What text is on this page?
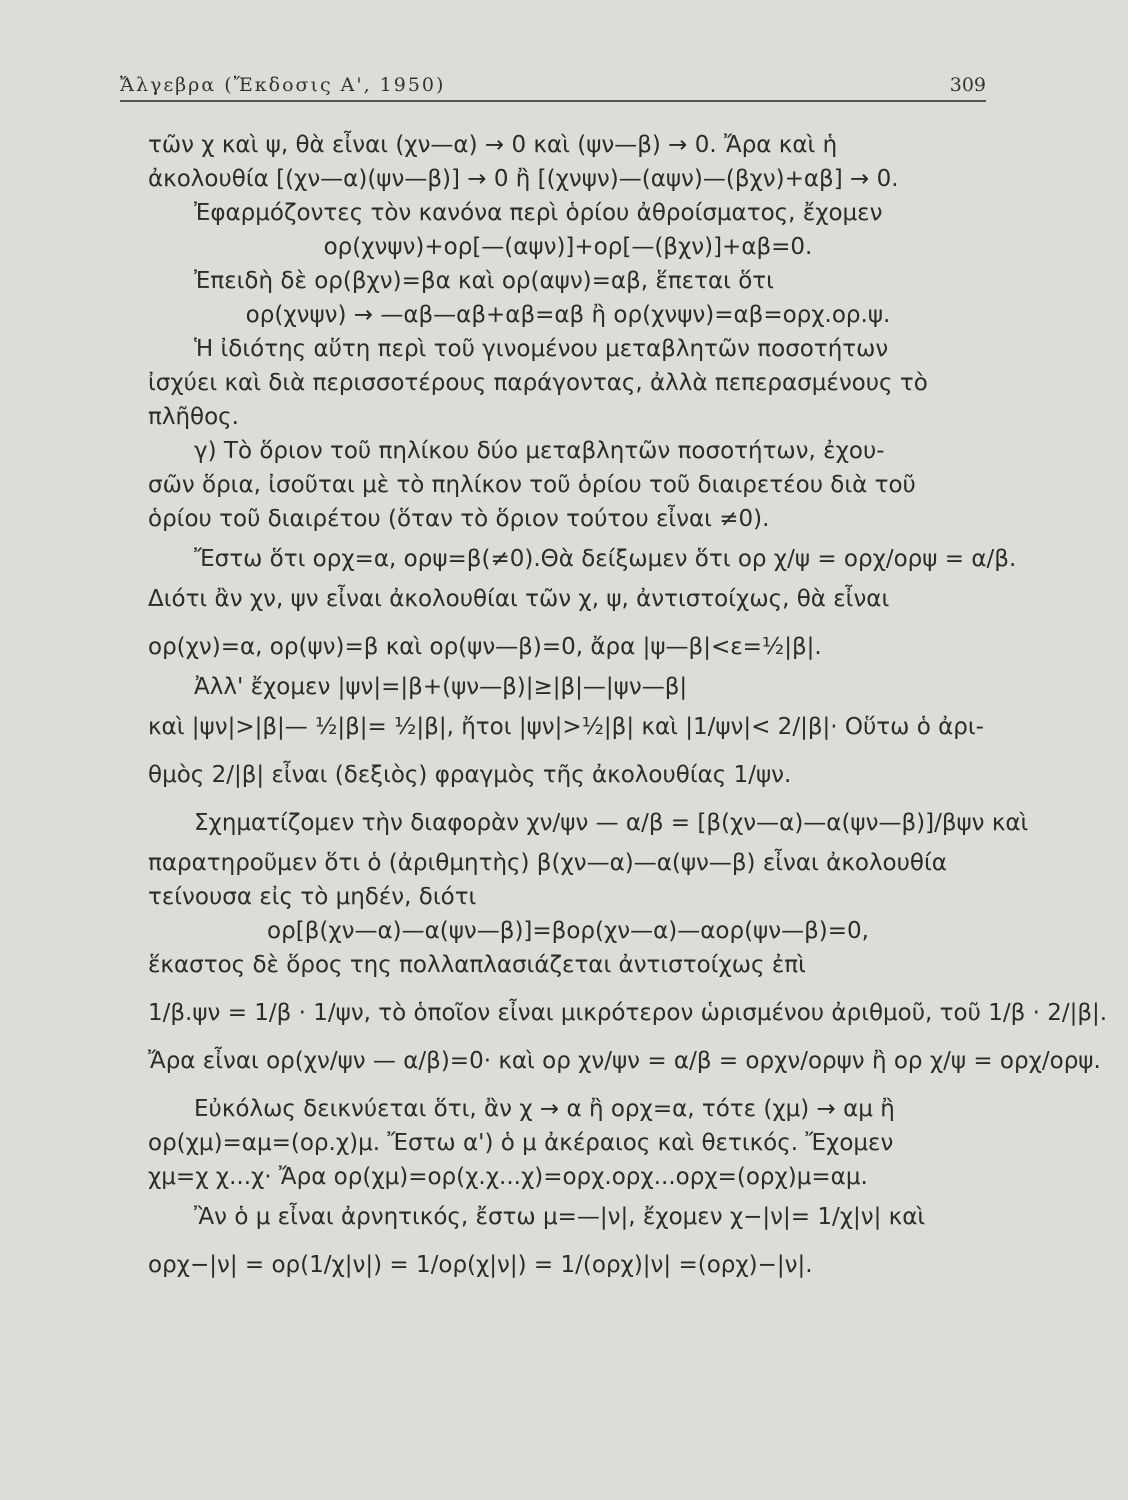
Ἄλγεβρα (Ἔκδοσις Α', 1950)	309

τῶν χ καὶ ψ, θὰ εἶναι (χν—α) → 0 καὶ (ψν—β) → 0. Ἄρα καὶ ἡ

ἀκολουθία [(χν—α)(ψν—β)] → 0 ἢ [(χνψν)—(αψν)—(βχν)+αβ] → 0.

Ἐφαρμόζοντες τὸν κανόνα περὶ ὁρίου ἀθροίσματος, ἔχομεν

ορ(χνψν)+ορ[—(αψν)]+ορ[—(βχν)]+αβ=0.

Ἐπειδὴ δὲ ορ(βχν)=βα καὶ ορ(αψν)=αβ, ἕπεται ὅτι

ορ(χνψν) → —αβ—αβ+αβ=αβ ἢ ορ(χνψν)=αβ=ορχ.ορ.ψ.

Ἡ ἰδιότης αὕτη περὶ τοῦ γινομένου μεταβλητῶν ποσοτήτων

ἰσχύει καὶ διὰ περισσοτέρους παράγοντας, ἀλλὰ πεπερασμένους τὸ

πλῆθος.

γ) Τὸ ὅριον τοῦ πηλίκου δύο μεταβλητῶν ποσοτήτων, ἐχου-

σῶν ὅρια, ἰσοῦται μὲ τὸ πηλίκον τοῦ ὁρίου τοῦ διαιρετέου διὰ τοῦ

ὁρίου τοῦ διαιρέτου (ὅταν τὸ ὅριον τούτου εἶναι ≠0).

Ἔστω ὅτι ορχ=α, ορψ=β(≠0).Θὰ δείξωμεν ὅτι ορ χ/ψ = ορχ/ορψ = α/β.

Διότι ἂν χν, ψν εἶναι ἀκολουθίαι τῶν χ, ψ, ἀντιστοίχως, θὰ εἶναι

ορ(χν)=α, ορ(ψν)=β καὶ ορ(ψν—β)=0, ἄρα |ψ—β|<ε=½|β|.

Ἀλλ' ἔχομεν |ψν|=|β+(ψν—β)|≥|β|—|ψν—β|

καὶ |ψν|>|β|— ½|β|= ½|β|, ἤτοι |ψν|>½|β| καὶ |1/ψν|< 2/|β|· Οὕτω ὁ ἀρι-

θμὸς 2/|β| εἶναι (δεξιὸς) φραγμὸς τῆς ἀκολουθίας 1/ψν.

Σχηματίζομεν τὴν διαφορὰν χν/ψν — α/β = [β(χν—α)—α(ψν—β)]/βψν καὶ

παρατηροῦμεν ὅτι ὁ (ἀριθμητὴς) β(χν—α)—α(ψν—β) εἶναι ἀκολουθία

τείνουσα εἰς τὸ μηδέν, διότι

ορ[β(χν—α)—α(ψν—β)]=βορ(χν—α)—αορ(ψν—β)=0,

ἕκαστος δὲ ὅρος της πολλαπλασιάζεται ἀντιστοίχως ἐπὶ

1/β.ψν = 1/β · 1/ψν, τὸ ὁποῖον εἶναι μικρότερον ὡρισμένου ἀριθμοῦ, τοῦ 1/β · 2/|β|.

Ἄρα εἶναι ορ(χν/ψν — α/β)=0· καὶ ορ χν/ψν = α/β = ορχν/ορψν ἢ ορ χ/ψ = ορχ/ορψ.

Εὐκόλως δεικνύεται ὅτι, ἂν χ → α ἢ ορχ=α, τότε (χμ) → αμ ἢ

ορ(χμ)=αμ=(ορ.χ)μ. Ἔστω α') ὁ μ ἀκέραιος καὶ θετικός. Ἔχομεν

χμ=χ χ...χ· Ἄρα ορ(χμ)=ορ(χ.χ...χ)=ορχ.ορχ...ορχ=(ορχ)μ=αμ.

Ἂν ὁ μ εἶναι ἀρνητικός, ἔστω μ=—|ν|, ἔχομεν χ−|ν|= 1/χ|ν| καὶ

ορχ−|ν| = ορ(1/χ|ν|) = 1/ορ(χ|ν|) = 1/(ορχ)|ν| =(ορχ)−|ν|.
